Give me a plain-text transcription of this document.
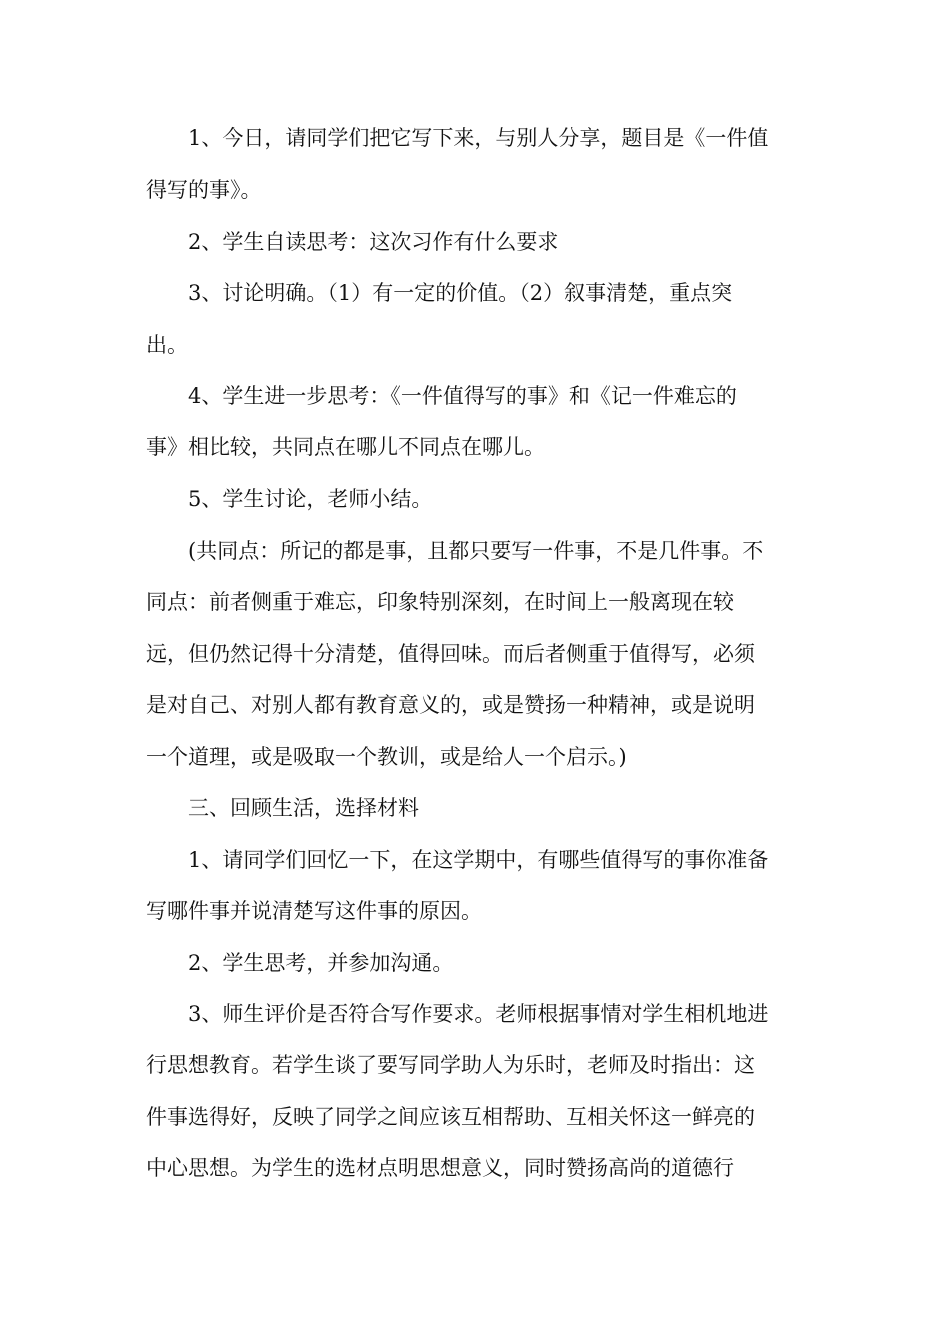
1、今日，请同学们把它写下来，与别人分享，题目是《一件值
得写的事》。
2、学生自读思考：这次习作有什么要求
3、讨论明确。（1）有一定的价值。（2）叙事清楚，重点突
出。
4、学生进一步思考：《一件值得写的事》和《记一件难忘的
事》相比较，共同点在哪儿不同点在哪儿。
5、学生讨论，老师小结。
(共同点：所记的都是事，且都只要写一件事，不是几件事。不
同点：前者侧重于难忘，印象特别深刻，在时间上一般离现在较
远，但仍然记得十分清楚，值得回味。而后者侧重于值得写，必须
是对自己、对别人都有教育意义的，或是赞扬一种精神，或是说明
一个道理，或是吸取一个教训，或是给人一个启示。)
三、回顾生活，选择材料
1、请同学们回忆一下，在这学期中，有哪些值得写的事你准备
写哪件事并说清楚写这件事的原因。
2、学生思考，并参加沟通。
3、师生评价是否符合写作要求。老师根据事情对学生相机地进
行思想教育。若学生谈了要写同学助人为乐时，老师及时指出：这
件事选得好，反映了同学之间应该互相帮助、互相关怀这一鲜亮的
中心思想。为学生的选材点明思想意义，同时赞扬高尚的道德行
